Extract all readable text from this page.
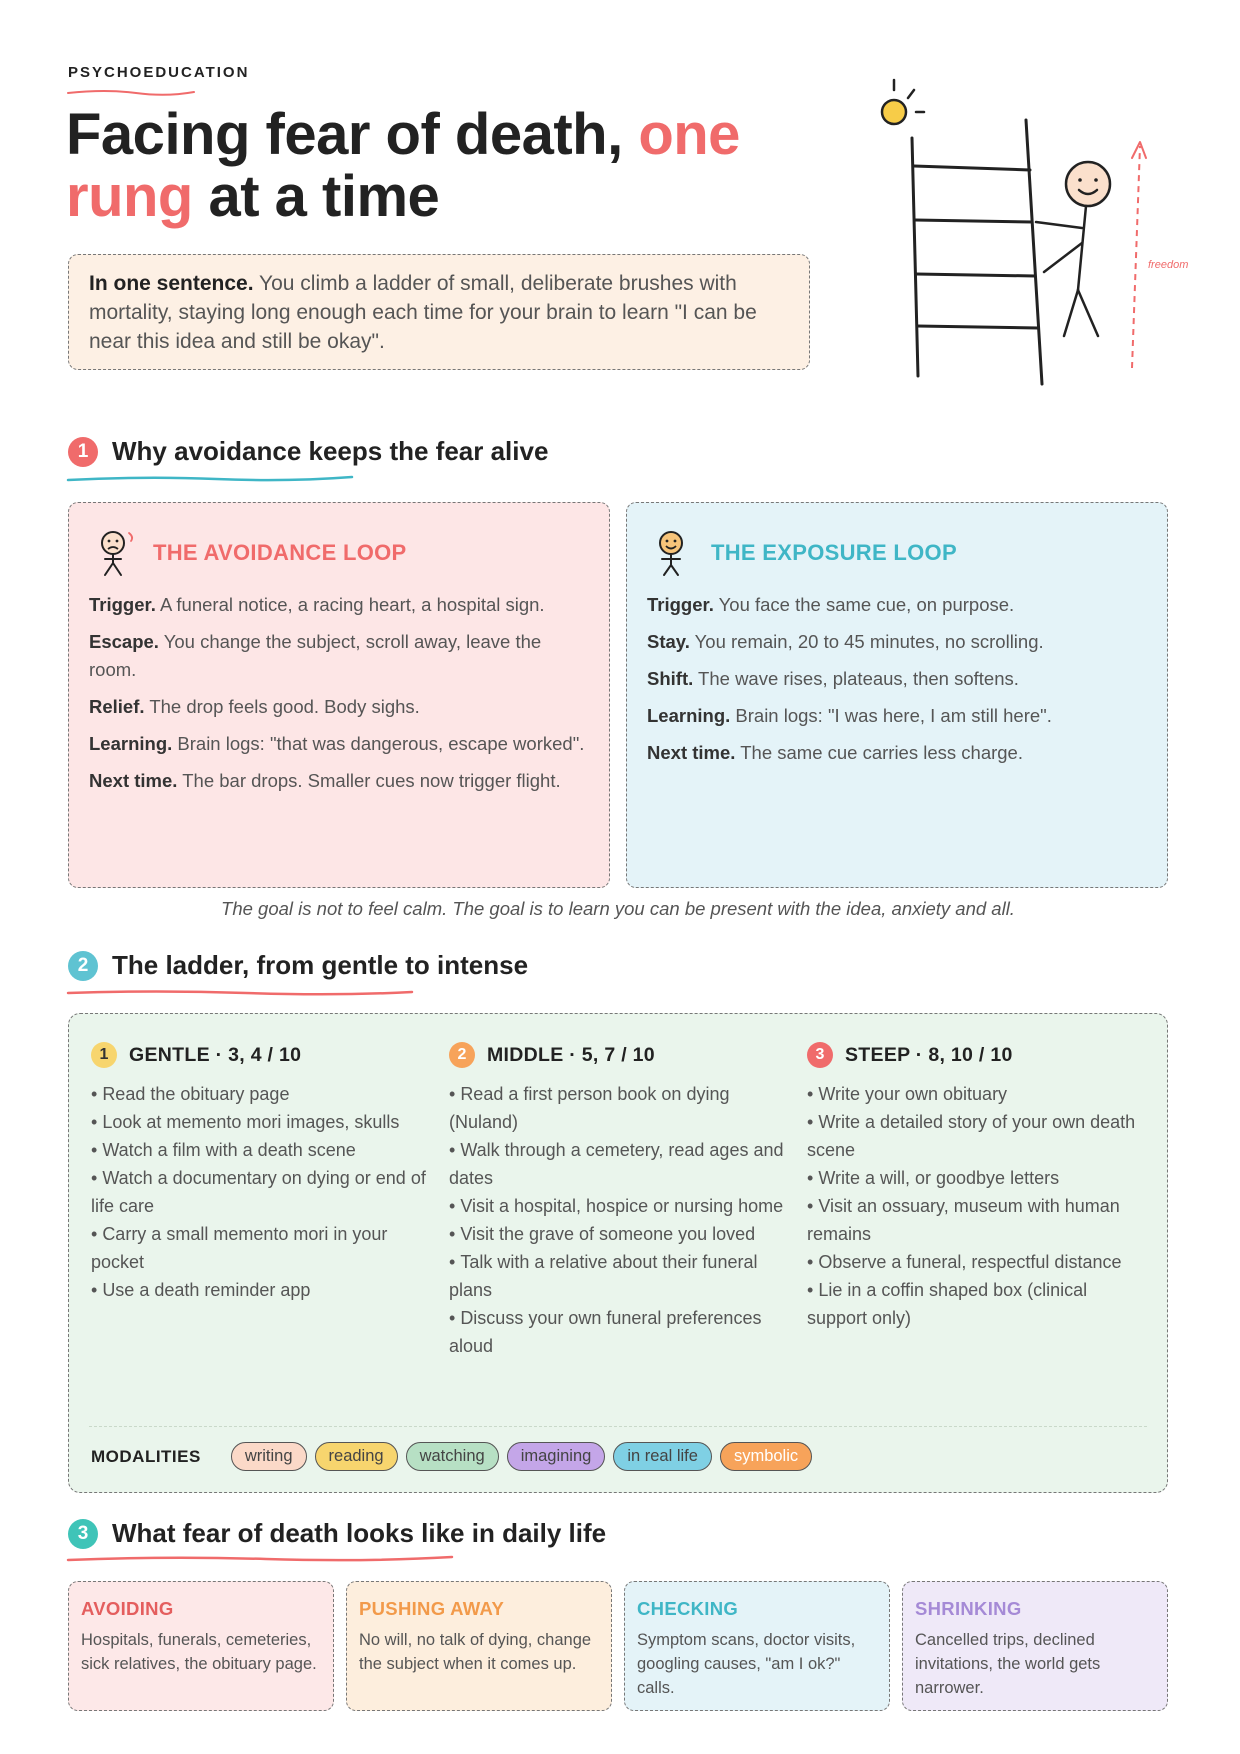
PSYCHOEDUCATION
Facing fear of death, one
rung at a time
In one sentence. You climb a ladder of small, deliberate brushes with mortality, staying long enough each time for your brain to learn "I can be near this idea and still be okay".
freedom
1 Why avoidance keeps the fear alive
THE AVOIDANCE LOOP

Trigger. A funeral notice, a racing heart, a hospital sign.

Escape. You change the subject, scroll away, leave the room.

Relief. The drop feels good. Body sighs.

Learning. Brain logs: "that was dangerous, escape worked".

Next time. The bar drops. Smaller cues now trigger flight.

THE EXPOSURE LOOP

Trigger. You face the same cue, on purpose.

Stay. You remain, 20 to 45 minutes, no scrolling.

Shift. The wave rises, plateaus, then softens.

Learning. Brain logs: "I was here, I am still here".

Next time. The same cue carries less charge.

The goal is not to feel calm. The goal is to learn you can be present with the idea, anxiety and all.
2 The ladder, from gentle to intense
1	GENTLE · 3, 4 / 10
• Read the obituary page
• Look at memento mori images, skulls
• Watch a film with a death scene
• Watch a documentary on dying or end of life care
• Carry a small memento mori in your pocket
• Use a death reminder app
2	MIDDLE · 5, 7 / 10
• Read a first person book on dying (Nuland)
• Walk through a cemetery, read ages and dates
• Visit a hospital, hospice or nursing home
• Visit the grave of someone you loved
• Talk with a relative about their funeral plans
• Discuss your own funeral preferences aloud
3	STEEP · 8, 10 / 10
• Write your own obituary
• Write a detailed story of your own death scene
• Write a will, or goodbye letters
• Visit an ossuary, museum with human remains
• Observe a funeral, respectful distance
• Lie in a coffin shaped box (clinical support only)
MODALITIES	writing	reading	watching	imagining	in real life	symbolic
3 What fear of death looks like in daily life
AVOIDING
Hospitals, funerals, cemeteries, sick relatives, the obituary page.
PUSHING AWAY
No will, no talk of dying, change the subject when it comes up.
CHECKING
Symptom scans, doctor visits, googling causes, "am I ok?" calls.
SHRINKING
Cancelled trips, declined invitations, the world gets narrower.
